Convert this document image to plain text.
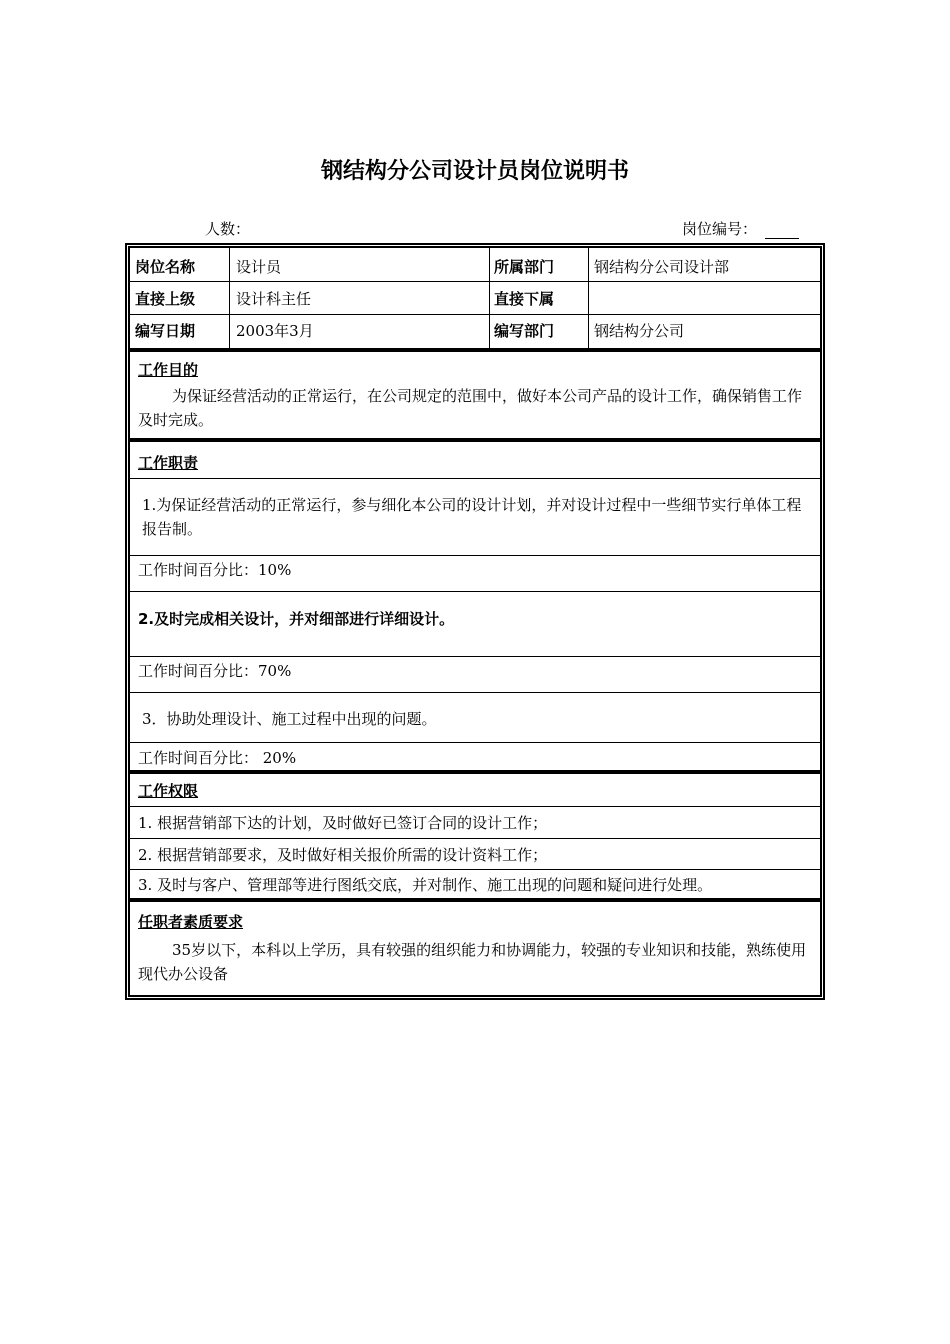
钢结构分公司设计员岗位说明书
人数：	岗位编号：
岗位名称	设计员	所属部门	钢结构分公司设计部
直接上级	设计科主任	直接下属
编写日期	2003年3月	编写部门	钢结构分公司
工作目的
为保证经营活动的正常运行，在公司规定的范围中，做好本公司产品的设计工作，确保销售工作及时完成。
工作职责
1.为保证经营活动的正常运行，参与细化本公司的设计计划，并对设计过程中一些细节实行单体工程报告制。
工作时间百分比：10%
2.及时完成相关设计，并对细部进行详细设计。
工作时间百分比：70%
3．协助处理设计、施工过程中出现的问题。
工作时间百分比： 20%
工作权限
1. 根据营销部下达的计划，及时做好已签订合同的设计工作；
2. 根据营销部要求，及时做好相关报价所需的设计资料工作；
3. 及时与客户、管理部等进行图纸交底，并对制作、施工出现的问题和疑问进行处理。
任职者素质要求
35岁以下，本科以上学历，具有较强的组织能力和协调能力，较强的专业知识和技能，熟练使用现代办公设备
